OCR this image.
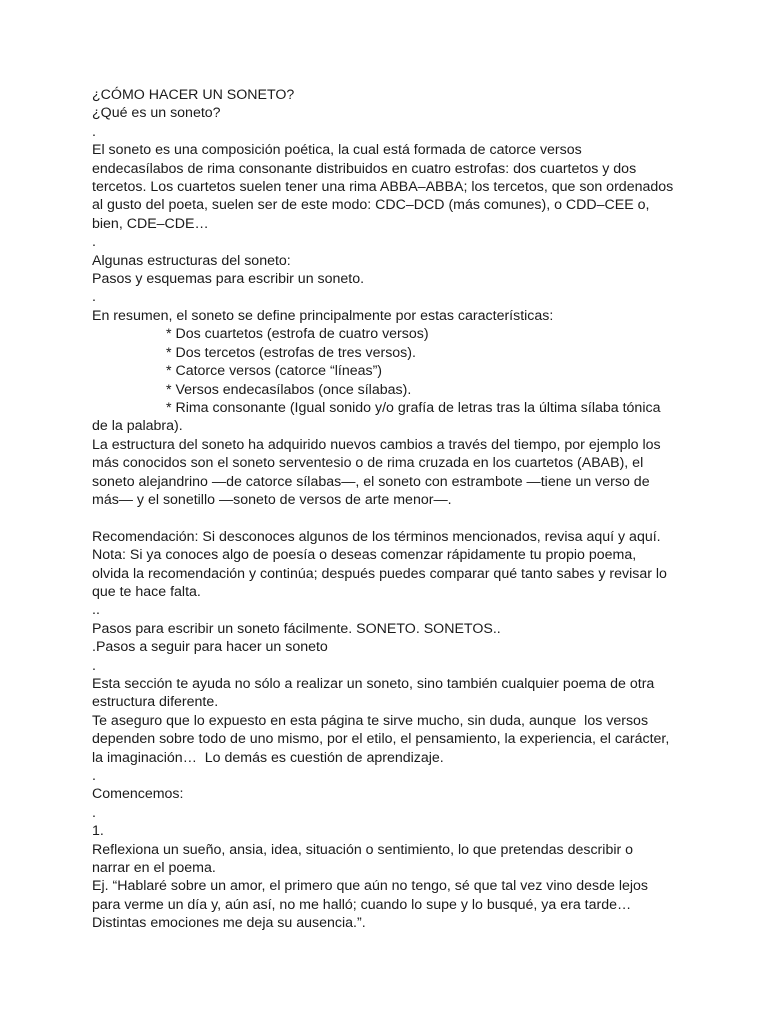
¿CÓMO HACER UN SONETO?
¿Qué es un soneto?
.
El soneto es una composición poética, la cual está formada de catorce versos
endecasílabos de rima consonante distribuidos en cuatro estrofas: dos cuartetos y dos
tercetos. Los cuartetos suelen tener una rima ABBA–ABBA; los tercetos, que son ordenados
al gusto del poeta, suelen ser de este modo: CDC–DCD (más comunes), o CDD–CEE o,
bien, CDE–CDE…
.
Algunas estructuras del soneto:
Pasos y esquemas para escribir un soneto.
.
En resumen, el soneto se define principalmente por estas características:
* Dos cuartetos (estrofa de cuatro versos)
* Dos tercetos (estrofas de tres versos).
* Catorce versos (catorce “líneas”)
* Versos endecasílabos (once sílabas).
* Rima consonante (Igual sonido y/o grafía de letras tras la última sílaba tónica
de la palabra).
La estructura del soneto ha adquirido nuevos cambios a través del tiempo, por ejemplo los
más conocidos son el soneto serventesio o de rima cruzada en los cuartetos (ABAB), el
soneto alejandrino —de catorce sílabas—, el soneto con estrambote —tiene un verso de
más— y el sonetillo —soneto de versos de arte menor—.
Recomendación: Si desconoces algunos de los términos mencionados, revisa aquí y aquí.
Nota: Si ya conoces algo de poesía o deseas comenzar rápidamente tu propio poema,
olvida la recomendación y continúa; después puedes comparar qué tanto sabes y revisar lo
que te hace falta.
..
Pasos para escribir un soneto fácilmente. SONETO. SONETOS..
.Pasos a seguir para hacer un soneto
.
Esta sección te ayuda no sólo a realizar un soneto, sino también cualquier poema de otra
estructura diferente.
Te aseguro que lo expuesto en esta página te sirve mucho, sin duda, aunque  los versos
dependen sobre todo de uno mismo, por el etilo, el pensamiento, la experiencia, el carácter,
la imaginación…  Lo demás es cuestión de aprendizaje.
.
Comencemos:
.
1.
Reflexiona un sueño, ansia, idea, situación o sentimiento, lo que pretendas describir o
narrar en el poema.
Ej. “Hablaré sobre un amor, el primero que aún no tengo, sé que tal vez vino desde lejos
para verme un día y, aún así, no me halló; cuando lo supe y lo busqué, ya era tarde…
Distintas emociones me deja su ausencia.”.
